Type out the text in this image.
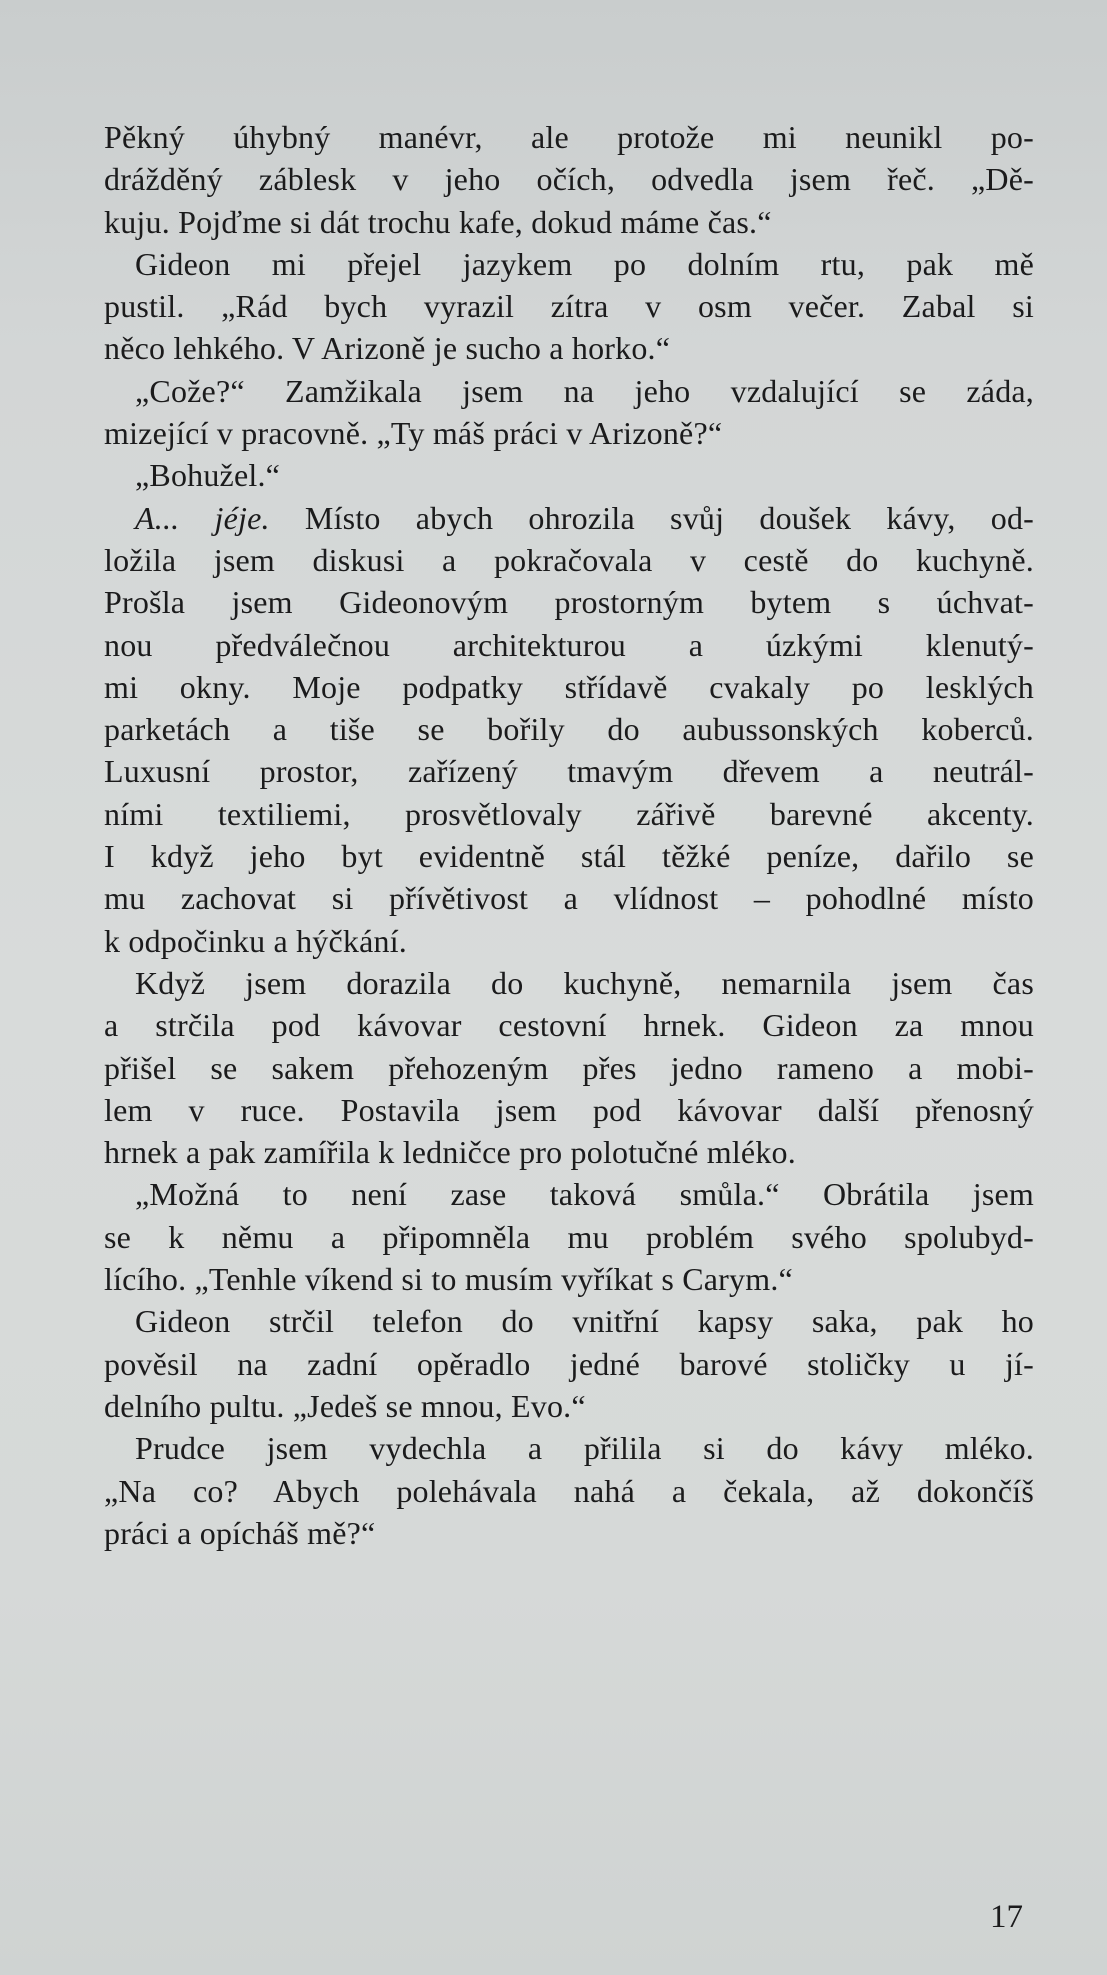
Pěkný úhybný manévr, ale protože mi neunikl po-
drážděný záblesk v jeho očích, odvedla jsem řeč. „Dě-
kuju. Pojďme si dát trochu kafe, dokud máme čas.“
Gideon mi přejel jazykem po dolním rtu, pak mě
pustil. „Rád bych vyrazil zítra v osm večer. Zabal si
něco lehkého. V Arizoně je sucho a horko.“
„Cože?“ Zamžikala jsem na jeho vzdalující se záda,
mizející v pracovně. „Ty máš práci v Arizoně?“
„Bohužel.“
A... jéje. Místo abych ohrozila svůj doušek kávy, od-
ložila jsem diskusi a pokračovala v cestě do kuchyně.
Prošla jsem Gideonovým prostorným bytem s úchvat-
nou předválečnou architekturou a úzkými klenutý-
mi okny. Moje podpatky střídavě cvakaly po lesklých
parketách a tiše se bořily do aubussonských koberců.
Luxusní prostor, zařízený tmavým dřevem a neutrál-
ními textiliemi, prosvětlovaly zářivě barevné akcenty.
I když jeho byt evidentně stál těžké peníze, dařilo se
mu zachovat si přívětivost a vlídnost – pohodlné místo
k odpočinku a hýčkání.
Když jsem dorazila do kuchyně, nemarnila jsem čas
a strčila pod kávovar cestovní hrnek. Gideon za mnou
přišel se sakem přehozeným přes jedno rameno a mobi-
lem v ruce. Postavila jsem pod kávovar další přenosný
hrnek a pak zamířila k ledničce pro polotučné mléko.
„Možná to není zase taková smůla.“ Obrátila jsem
se k němu a připomněla mu problém svého spolubyd-
lícího. „Tenhle víkend si to musím vyříkat s Carym.“
Gideon strčil telefon do vnitřní kapsy saka, pak ho
pověsil na zadní opěradlo jedné barové stoličky u jí-
delního pultu. „Jedeš se mnou, Evo.“
Prudce jsem vydechla a přililа si do kávy mléko.
„Na co? Abych polehávala nahá a čekala, až dokončíš
práci a opícháš mě?“
17
